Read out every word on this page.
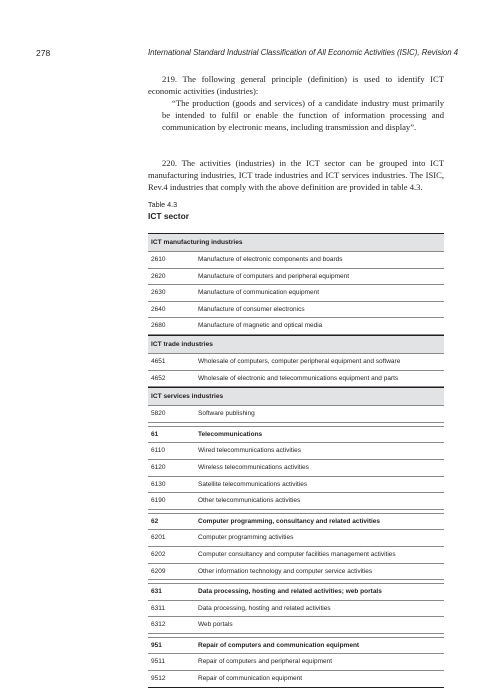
278	International Standard Industrial Classification of All Economic Activities (ISIC), Revision 4

219. The following general principle (definition) is used to identify ICT economic activities (industries):

“The production (goods and services) of a candidate industry must primarily be intended to fulfil or enable the function of information processing and communication by electronic means, including transmission and display”.

220. The activities (industries) in the ICT sector can be grouped into ICT manufacturing industries, ICT trade industries and ICT services industries. The ISIC, Rev.4 industries that comply with the above definition are provided in table 4.3.

Table 4.3
ICT sector
ICT manufacturing industries
2610	Manufacture of electronic components and boards
2620	Manufacture of computers and peripheral equipment
2630	Manufacture of communication equipment
2640	Manufacture of consumer electronics
2680	Manufacture of magnetic and optical media
ICT trade industries
4651	Wholesale of computers, computer peripheral equipment and software
4652	Wholesale of electronic and telecommunications equipment and parts
ICT services industries
5820	Software publishing
61	Telecommunications
6110	Wired telecommunications activities
6120	Wireless telecommunications activities
6130	Satellite telecommunications activities
6190	Other telecommunications activities
62	Computer programming, consultancy and related activities
6201	Computer programming activities
6202	Computer consultancy and computer facilities management activities
6209	Other information technology and computer service activities
631	Data processing, hosting and related activities; web portals
6311	Data processing, hosting and related activities
6312	Web portals
951	Repair of computers and communication equipment
9511	Repair of computers and peripheral equipment
9512	Repair of communication equipment
